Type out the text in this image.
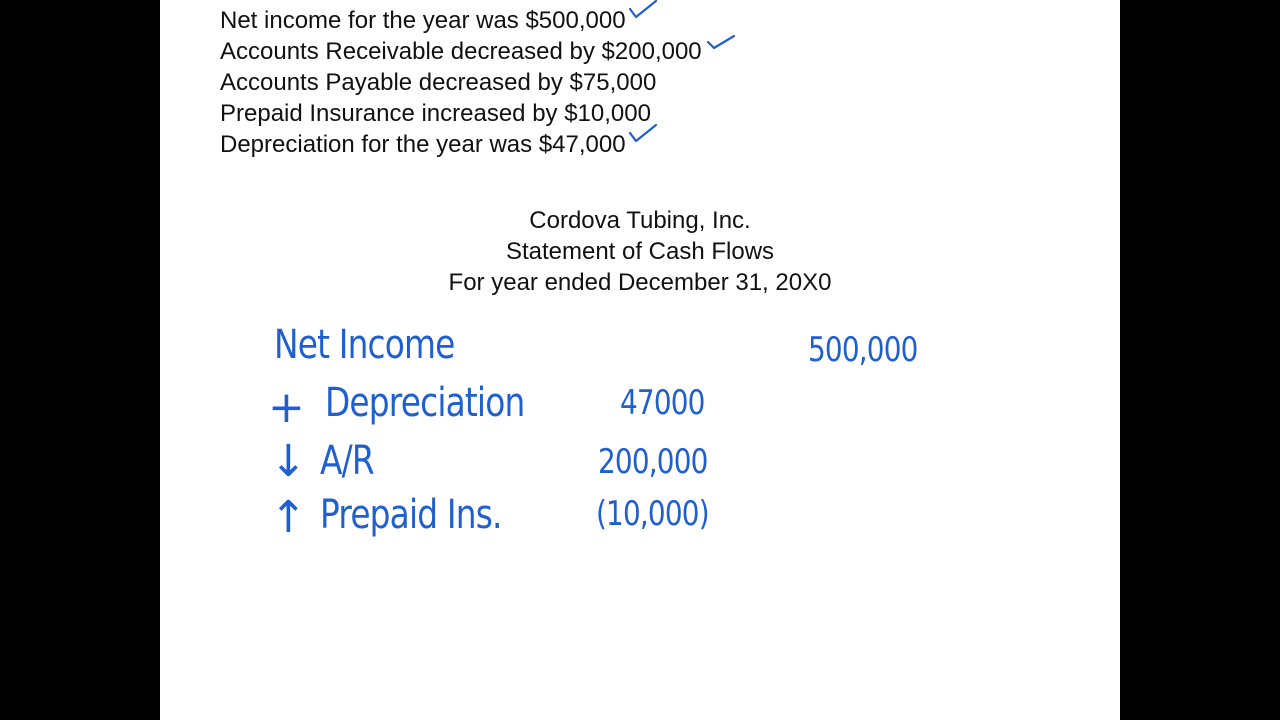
Net income for the year was $500,000
Accounts Receivable decreased by $200,000
Accounts Payable decreased by $75,000
Prepaid Insurance increased by $10,000
Depreciation for the year was $47,000
Cordova Tubing, Inc.
Statement of Cash Flows
For year ended December 31, 20X0
Net Income	500,000
+ Depreciation	47000
↓ A/R	200,000
↑ Prepaid Ins.	(10,000)
